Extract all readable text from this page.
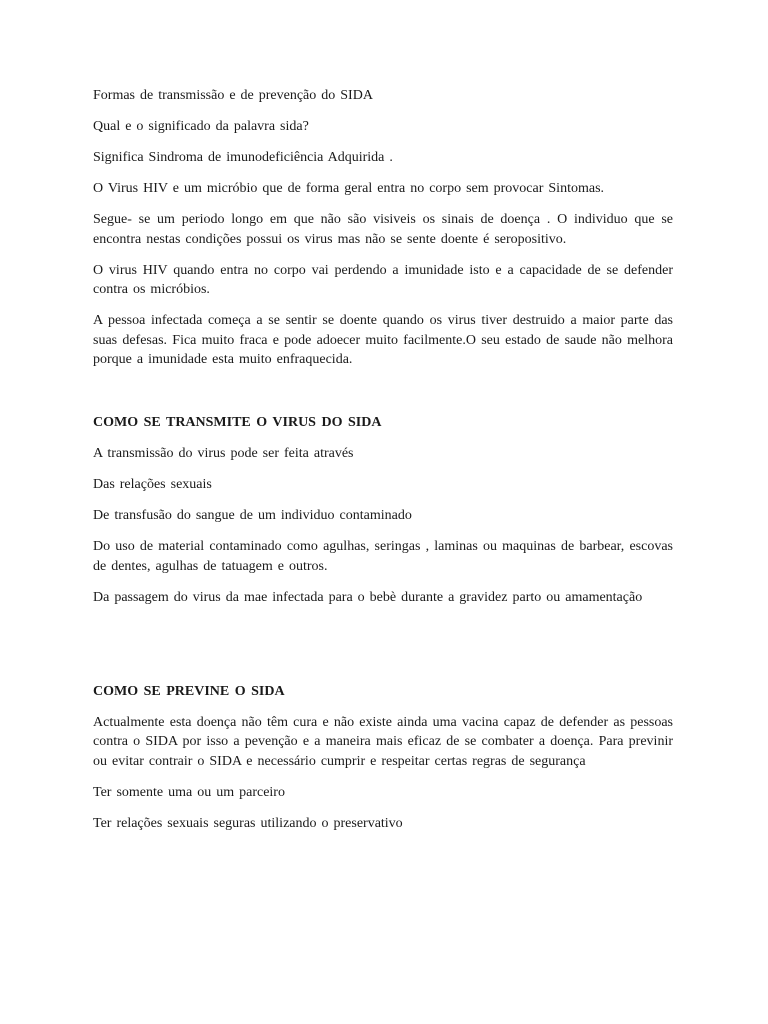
Formas de transmissão e de prevenção do SIDA

Qual e o significado da palavra sida?

Significa Sindroma de imunodeficiência Adquirida .

O Virus HIV e um micróbio que de forma geral entra no corpo sem provocar Sintomas.

Segue- se um periodo longo em que não são visiveis os sinais de doença . O individuo que se encontra nestas condições possui os virus mas não se sente doente é seropositivo.

O virus HIV quando entra no corpo vai perdendo a imunidade isto e a capacidade de se defender contra os micróbios.

A pessoa infectada começa a se sentir se doente quando os virus tiver destruido a maior parte das suas defesas. Fica muito fraca e pode adoecer muito facilmente.O seu estado de saude não melhora porque a imunidade esta muito enfraquecida.

COMO SE TRANSMITE O VIRUS DO SIDA

A transmissão do virus pode ser feita através

Das relações sexuais

De transfusão do sangue de um individuo contaminado

Do uso de material contaminado como agulhas, seringas , laminas ou maquinas de barbear, escovas de dentes, agulhas de tatuagem e outros.

Da passagem do virus da mae infectada para o bebè durante a gravidez parto ou amamentação

COMO SE PREVINE O SIDA

Actualmente esta doença não têm cura e não existe ainda uma vacina capaz de defender as pessoas contra o SIDA por isso a pevenção e a maneira mais eficaz de se combater a doença. Para previnir ou evitar contrair o SIDA e necessário cumprir e respeitar certas regras de segurança

Ter somente uma ou um parceiro

Ter relações sexuais seguras utilizando o preservativo
